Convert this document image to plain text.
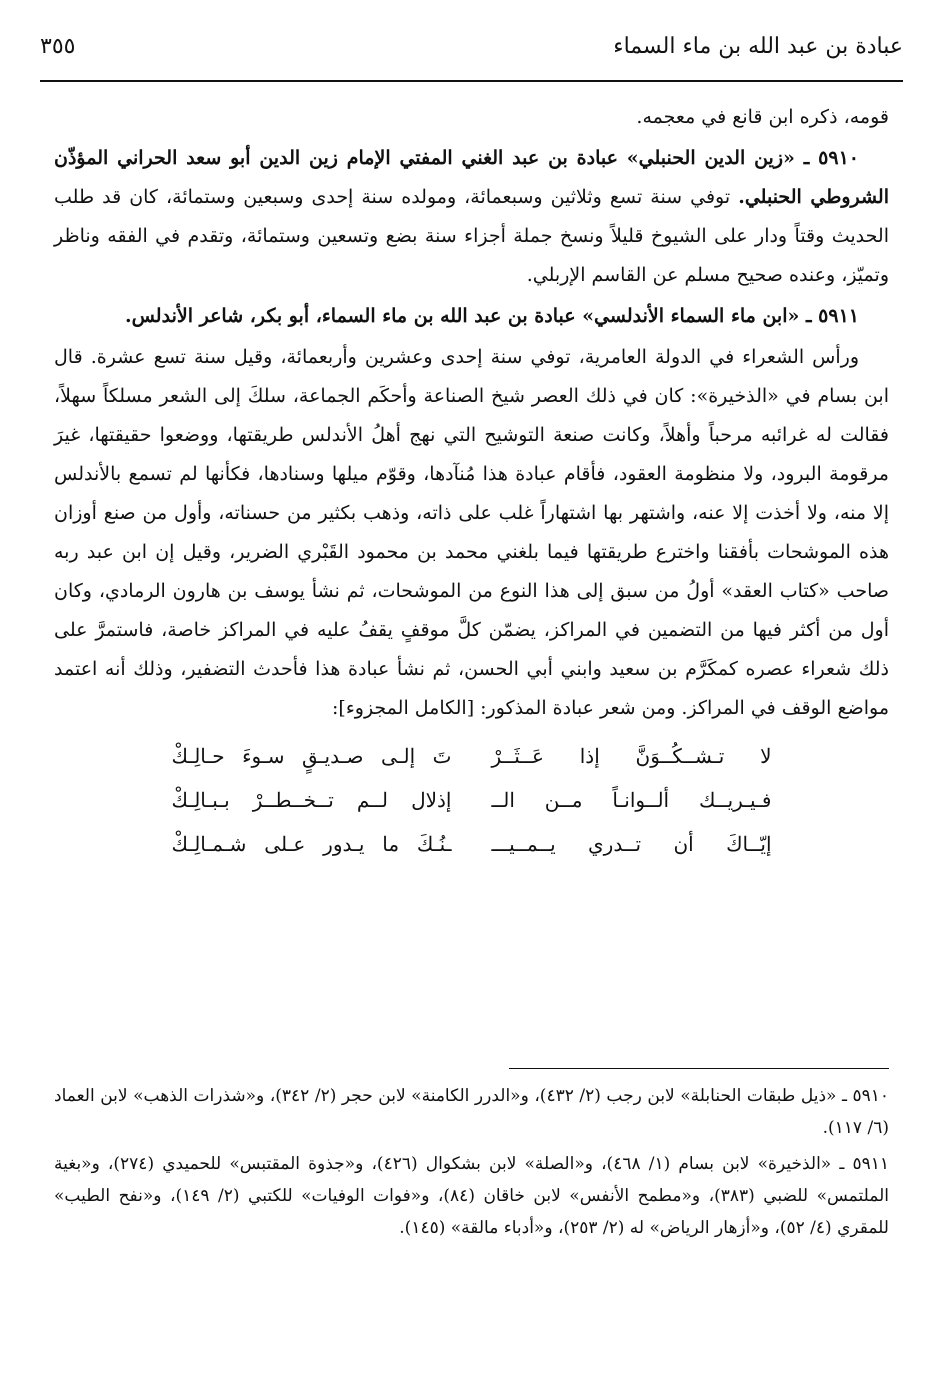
عبادة بن عبد الله بن ماء السماء
٣٥٥

قومه، ذكره ابن قانع في معجمه.

٥٩١٠ ـ «زين الدين الحنبلي» عبادة بن عبد الغني المفتي الإمام زين الدين أبو سعد الحراني المؤذّن الشروطي الحنبلي. توفي سنة تسع وثلاثين وسبعمائة، ومولده سنة إحدى وسبعين وستمائة، كان قد طلب الحديث وقتاً ودار على الشيوخ قليلاً ونسخ جملة أجزاء سنة بضع وتسعين وستمائة، وتقدم في الفقه وناظر وتميّز، وعنده صحيح مسلم عن القاسم الإربلي.

٥٩١١ ـ «ابن ماء السماء الأندلسي» عبادة بن عبد الله بن ماء السماء، أبو بكر، شاعر الأندلس.

ورأس الشعراء في الدولة العامرية، توفي سنة إحدى وعشرين وأربعمائة، وقيل سنة تسع عشرة. قال ابن بسام في «الذخيرة»: كان في ذلك العصر شيخ الصناعة وأحكَم الجماعة، سلكَ إلى الشعر مسلكاً سهلاً، فقالت له غرائبه مرحباً وأهلاً، وكانت صنعة التوشيح التي نهج أهلُ الأندلس طريقتها، ووضعوا حقيقتها، غيرَ مرقومة البرود، ولا منظومة العقود، فأقام عبادة هذا مُنآدها، وقوّم ميلها وسنادها، فكأنها لم تسمع بالأندلس إلا منه، ولا أخذت إلا عنه، واشتهر بها اشتهاراً غلب على ذاته، وذهب بكثير من حسناته، وأول من صنع أوزان هذه الموشحات بأفقنا واخترع طريقتها فيما بلغني محمد بن محمود القَبْري الضرير، وقيل إن ابن عبد ربه صاحب «كتاب العقد» أولُ من سبق إلى هذا النوع من الموشحات، ثم نشأ يوسف بن هارون الرمادي، وكان أول من أكثر فيها من التضمين في المراكز، يضمّن كلَّ موقفٍ يقفُ عليه في المراكز خاصة، فاستمرَّ على ذلك شعراء عصره كمكَرَّم بن سعيد وابني أبي الحسن، ثم نشأ عبادة هذا فأحدث التضفير، وذلك أنه اعتمد مواضع الوقف في المراكز. ومن شعر عبادة المذكور: [الكامل المجزوء]:

لا تـشــكُــوَنَّ إذا عَــثَــرْ
تَ إلـى صـديـقٍ سـوءَ حـالِـكْ
فـيـريــك ألــوانـاً مــن الــ
إذلال لــم تــخــطــرْ بـبـالِـكْ
إيّــاكَ أن تــدري يــمــيـــ
ـنُـكَ ما يـدور عـلى شـمـالِـكْ

٥٩١٠ ـ «ذيل طبقات الحنابلة» لابن رجب (٢/ ٤٣٢)، و«الدرر الكامنة» لابن حجر (٢/ ٣٤٢)، و«شذرات الذهب» لابن العماد (٦/ ١١٧).

٥٩١١ ـ «الذخيرة» لابن بسام (١/ ٤٦٨)، و«الصلة» لابن بشكوال (٤٢٦)، و«جذوة المقتبس» للحميدي (٢٧٤)، و«بغية الملتمس» للضبي (٣٨٣)، و«مطمح الأنفس» لابن خاقان (٨٤)، و«فوات الوفيات» للكتبي (٢/ ١٤٩)، و«نفح الطيب» للمقري (٤/ ٥٢)، و«أزهار الرياض» له (٢/ ٢٥٣)، و«أدباء مالقة» (١٤٥).
